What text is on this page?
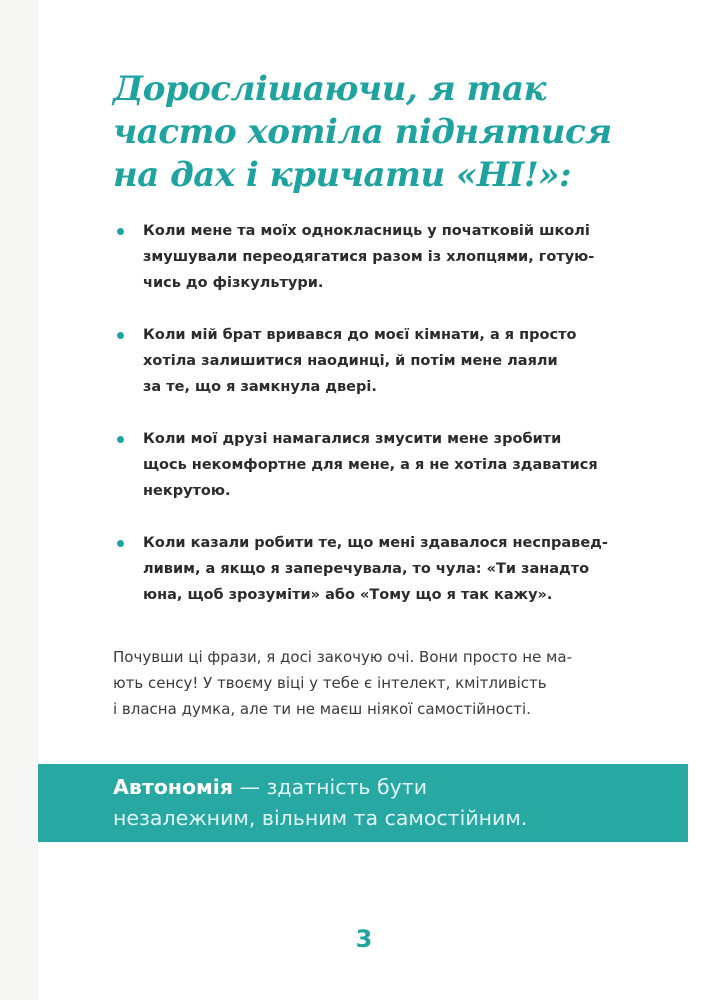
Дорослішаючи, я так
часто хотіла піднятися
на дах і кричати «НІ!»:
Коли мене та моїх однокласниць у початковій школі
змушували переодягатися разом із хлопцями, готую-
чись до фізкультури.
Коли мій брат вривався до моєї кімнати, а я просто
хотіла залишитися наодинці, й потім мене лаяли
за те, що я замкнула двері.
Коли мої друзі намагалися змусити мене зробити
щось некомфортне для мене, а я не хотіла здаватися
некрутою.
Коли казали робити те, що мені здавалося несправед-
ливим, а якщо я заперечувала, то чула: «Ти занадто
юна, щоб зрозуміти» або «Тому що я так кажу».

Почувши ці фрази, я досі закочую очі. Вони просто не ма-
ють сенсу! У твоєму віці у тебе є інтелект, кмітливість
і власна думка, але ти не маєш ніякої самостійності.

Автономія — здатність бути
незалежним, вільним та самостійним.
3
